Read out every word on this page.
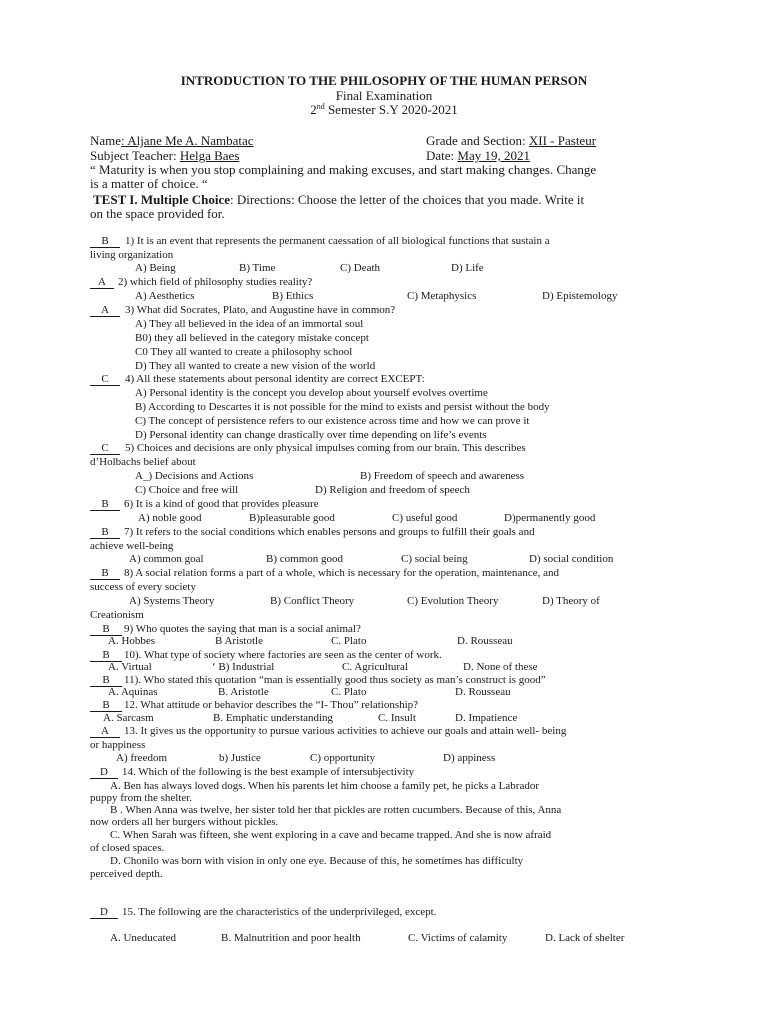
INTRODUCTION TO THE PHILOSOPHY OF THE HUMAN PERSON
Final Examination
2nd Semester S.Y 2020-2021
Name: Aljane Me A. Nambatac	Grade and Section: XII - Pasteur
Subject Teacher: Helga Baes	Date: May 19, 2021
“ Maturity is when you stop complaining and making excuses, and start making changes. Change
is a matter of choice. “
TEST I. Multiple Choice: Directions: Choose the letter of the choices that you made. Write it
on the space provided for.
B	1) It is an event that represents the permanent caessation of all biological functions that sustain a
living organization
A) Being	B) Time	C) Death	D) Life
A	2) which field of philosophy studies reality?
A) Aesthetics	B) Ethics	C) Metaphysics	D) Epistemology
A	3) What did Socrates, Plato, and Augustine have in common?
A) They all believed in the idea of an immortal soul
B0) they all believed in the category mistake concept
C0 They all wanted to create a philosophy school
D) They all wanted to create a new vision of the world
C	4) All these statements about personal identity are correct EXCEPT:
A) Personal identity is the concept you develop about yourself evolves overtime
B) According to Descartes it is not possible for the mind to exists and persist without the body
C) The concept of persistence refers to our existence across time and how we can prove it
D) Personal identity can change drastically over time depending on life’s events
C	5) Choices and decisions are only physical impulses coming from our brain. This describes
d’Holbachs belief about
A_) Decisions and Actions	B) Freedom of speech and awareness
C) Choice and free will	D) Religion and freedom of speech
B	6) It is a kind of good that provides pleasure
A) noble good	B)pleasurable good	C) useful good	D)permanently good
B	7) It refers to the social conditions which enables persons and groups to fulfill their goals and
achieve well-being
A) common goal	B) common good	C) social being	D) social condition
B	8) A social relation forms a part of a whole, which is necessary for the operation, maintenance, and
success of every society
A) Systems Theory	B) Conflict Theory	C) Evolution Theory	D) Theory of
Creationism
B	9) Who quotes the saying that man is a social animal?
A. Hobbes	B Aristotle	C. Plato	D. Rousseau
B	10). What type of society where factories are seen as the center of work.
A. Virtual	‘ B) Industrial	C. Agricultural	D. None of these
B	11). Who stated this quotation “man is essentially good thus society as man’s construct is good”
A. Aquinas	B. Aristotle	C. Plato	D. Rousseau
B	12. What attitude or behavior describes the “I- Thou” relationship?
A. Sarcasm	B. Emphatic understanding	C. Insult	D. Impatience
A	13. It gives us the opportunity to pursue various activities to achieve our goals and attain well- being
or happiness
A) freedom	b) Justice	C) opportunity	D) appiness
D	14. Which of the following is the best example of intersubjectivity
A. Ben has always loved dogs. When his parents let him choose a family pet, he picks a Labrador
puppy from the shelter.
B . When Anna was twelve, her sister told her that pickles are rotten cucumbers. Because of this, Anna
now orders all her burgers without pickles.
C. When Sarah was fifteen, she went exploring in a cave and became trapped. And she is now afraid
of closed spaces.
D. Chonilo was born with vision in only one eye. Because of this, he sometimes has difficulty
perceived depth.
D	15. The following are the characteristics of the underprivileged, except.
A. Uneducated	B. Malnutrition and poor health	C. Victims of calamity	D. Lack of shelter
